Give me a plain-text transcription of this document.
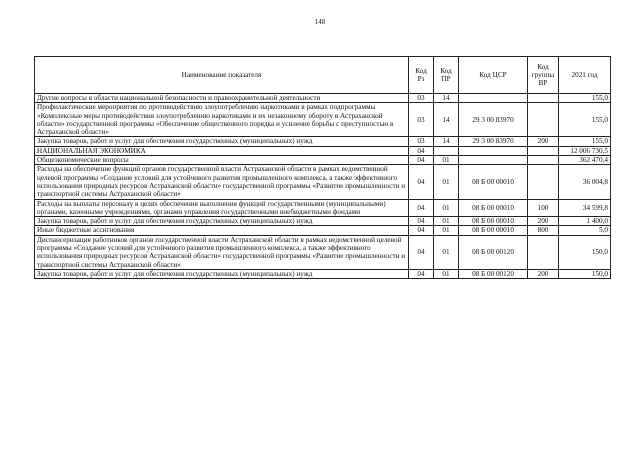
148
Наименование показателя	Код Рз	Код ПР	Код ЦСР	Код группы ВР	2021 год
Другие вопросы в области национальной безопасности и правоохранительной деятельности	03	14			155,0
Профилактические мероприятия по противодействию злоупотреблению наркотиками в рамках подпрограммы «Комплексные меры противодействия злоупотреблению наркотиками и их незаконному обороту в Астраханской области» государственной программы «Обеспечение общественного порядка и усиление борьбы с преступностью в Астраханской области»	03	14	29 3 00 83970		155,0
Закупка товаров, работ и услуг для обеспечения государственных (муниципальных) нужд	03	14	29 3 00 83970	200	155,0
НАЦИОНАЛЬНАЯ ЭКОНОМИКА	04				12 006 730,5
Общеэкономические вопросы	04	01			362 470,4
Расходы на обеспечение функций органов государственной власти Астраханской области в рамках ведомственной целевой программы «Создание условий для устойчивого развития промышленного комплекса, а также эффективного использования природных ресурсов Астраханской области» государственной программы «Развитие промышленности и транспортной системы Астраханской области»	04	01	08 Б 00 00010		36 004,8
Расходы на выплаты персоналу в целях обеспечения выполнения функций государственными (муниципальными) органами, казенными учреждениями, органами управления государственными внебюджетными фондами	04	01	08 Б 00 00010	100	34 599,8
Закупка товаров, работ и услуг для обеспечения государственных (муниципальных) нужд	04	01	08 Б 00 00010	200	1 400,0
Иные бюджетные ассигнования	04	01	08 Б 00 00010	800	5,0
Диспансеризация работников органов государственной власти Астраханской области в рамках ведомственной целевой программы «Создание условий для устойчивого развития промышленного комплекса, а также эффективного использования природных ресурсов Астраханской области» государственной программы «Развитие промышленности и транспортной системы Астраханской области»	04	01	08 Б 00 00120		150,0
Закупка товаров, работ и услуг для обеспечения государственных (муниципальных) нужд	04	01	08 Б 00 00120	200	150,0
